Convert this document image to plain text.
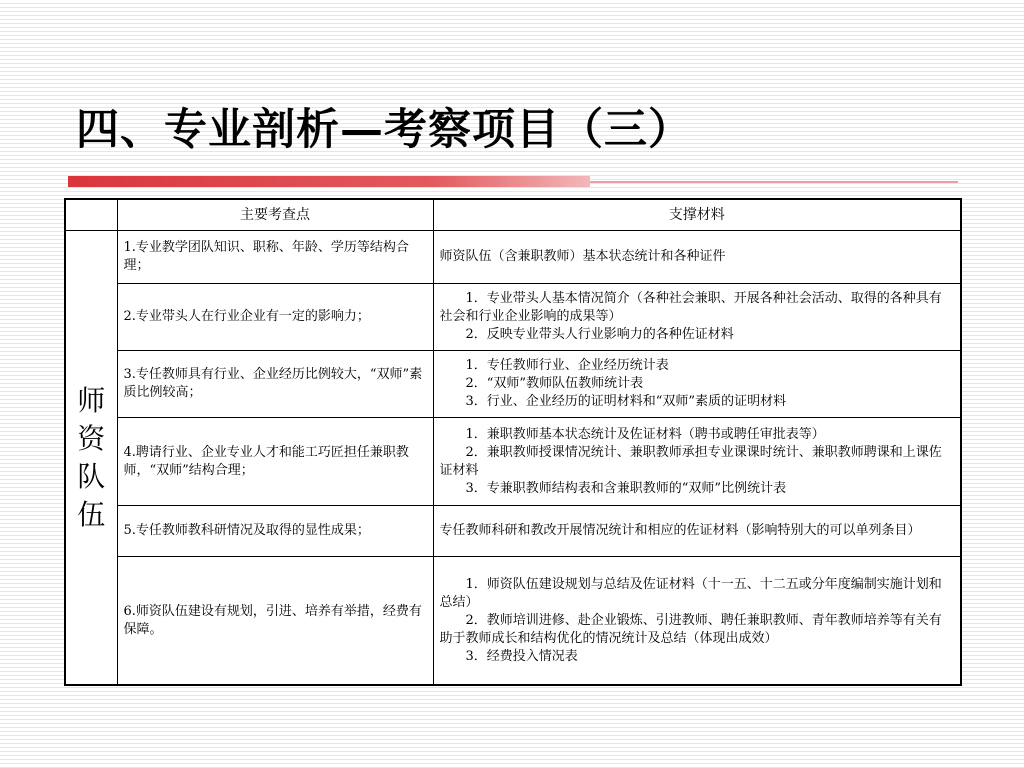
四、专业剖析—考察项目（三）
	主要考查点	支撑材料
师资队伍	1.专业教学团队知识、职称、年龄、学历等结构合理；	师资队伍（含兼职教师）基本状态统计和各种证件

	2.专业带头人在行业企业有一定的影响力；	1．专业带头人基本情况简介（各种社会兼职、开展各种社会活动、取得的各种具有社会和行业企业影响的成果等）
2．反映专业带头人行业影响力的各种佐证材料

	3.专任教师具有行业、企业经历比例较大，“双师”素质比例较高；	1．专任教师行业、企业经历统计表
2．“双师”教师队伍教师统计表
3．行业、企业经历的证明材料和“双师”素质的证明材料

	4.聘请行业、企业专业人才和能工巧匠担任兼职教师，“双师”结构合理；	1．兼职教师基本状态统计及佐证材料（聘书或聘任审批表等）
2．兼职教师授课情况统计、兼职教师承担专业课课时统计、兼职教师聘课和上课佐证材料
3．专兼职教师结构表和含兼职教师的“双师”比例统计表

	5.专任教师教科研情况及取得的显性成果；	专任教师科研和教改开展情况统计和相应的佐证材料（影响特别大的可以单列条目）

	6.师资队伍建设有规划，引进、培养有举措，经费有保障。	1．师资队伍建设规划与总结及佐证材料（十一五、十二五或分年度编制实施计划和总结）
2．教师培训进修、赴企业锻炼、引进教师、聘任兼职教师、青年教师培养等有关有助于教师成长和结构优化的情况统计及总结（体现出成效）
3．经费投入情况表
